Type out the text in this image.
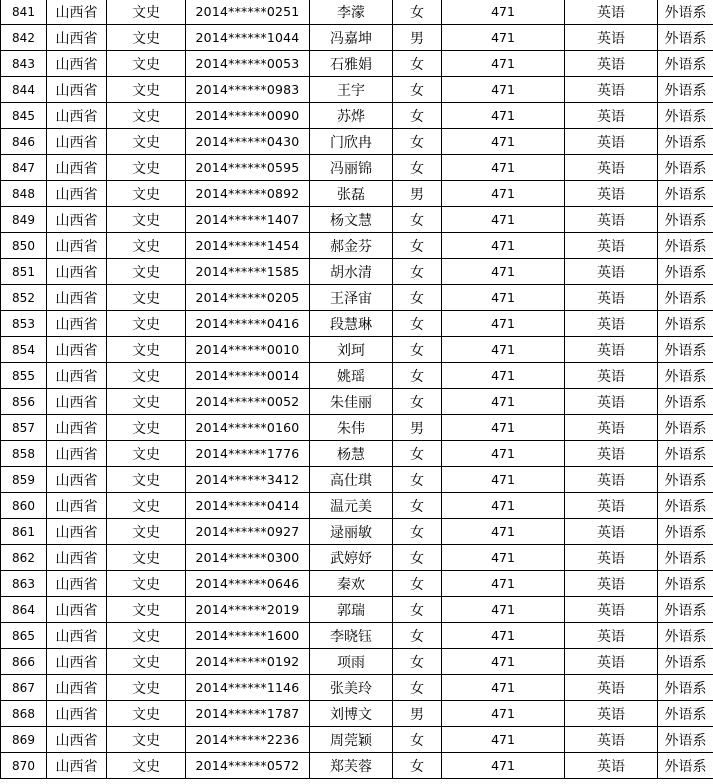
841	山西省	文史	2014******0251	李濛	女	471	英语	外语系
842	山西省	文史	2014******1044	冯嘉坤	男	471	英语	外语系
843	山西省	文史	2014******0053	石雅娟	女	471	英语	外语系
844	山西省	文史	2014******0983	王宇	女	471	英语	外语系
845	山西省	文史	2014******0090	苏烨	女	471	英语	外语系
846	山西省	文史	2014******0430	门欣冉	女	471	英语	外语系
847	山西省	文史	2014******0595	冯丽锦	女	471	英语	外语系
848	山西省	文史	2014******0892	张磊	男	471	英语	外语系
849	山西省	文史	2014******1407	杨文慧	女	471	英语	外语系
850	山西省	文史	2014******1454	郝金芬	女	471	英语	外语系
851	山西省	文史	2014******1585	胡水清	女	471	英语	外语系
852	山西省	文史	2014******0205	王泽宙	女	471	英语	外语系
853	山西省	文史	2014******0416	段慧琳	女	471	英语	外语系
854	山西省	文史	2014******0010	刘珂	女	471	英语	外语系
855	山西省	文史	2014******0014	姚瑶	女	471	英语	外语系
856	山西省	文史	2014******0052	朱佳丽	女	471	英语	外语系
857	山西省	文史	2014******0160	朱伟	男	471	英语	外语系
858	山西省	文史	2014******1776	杨慧	女	471	英语	外语系
859	山西省	文史	2014******3412	高仕琪	女	471	英语	外语系
860	山西省	文史	2014******0414	温元美	女	471	英语	外语系
861	山西省	文史	2014******0927	逯丽敏	女	471	英语	外语系
862	山西省	文史	2014******0300	武婷妤	女	471	英语	外语系
863	山西省	文史	2014******0646	秦欢	女	471	英语	外语系
864	山西省	文史	2014******2019	郭瑞	女	471	英语	外语系
865	山西省	文史	2014******1600	李晓钰	女	471	英语	外语系
866	山西省	文史	2014******0192	项雨	女	471	英语	外语系
867	山西省	文史	2014******1146	张美玲	女	471	英语	外语系
868	山西省	文史	2014******1787	刘博文	男	471	英语	外语系
869	山西省	文史	2014******2236	周莞颖	女	471	英语	外语系
870	山西省	文史	2014******0572	郑芙蓉	女	471	英语	外语系
